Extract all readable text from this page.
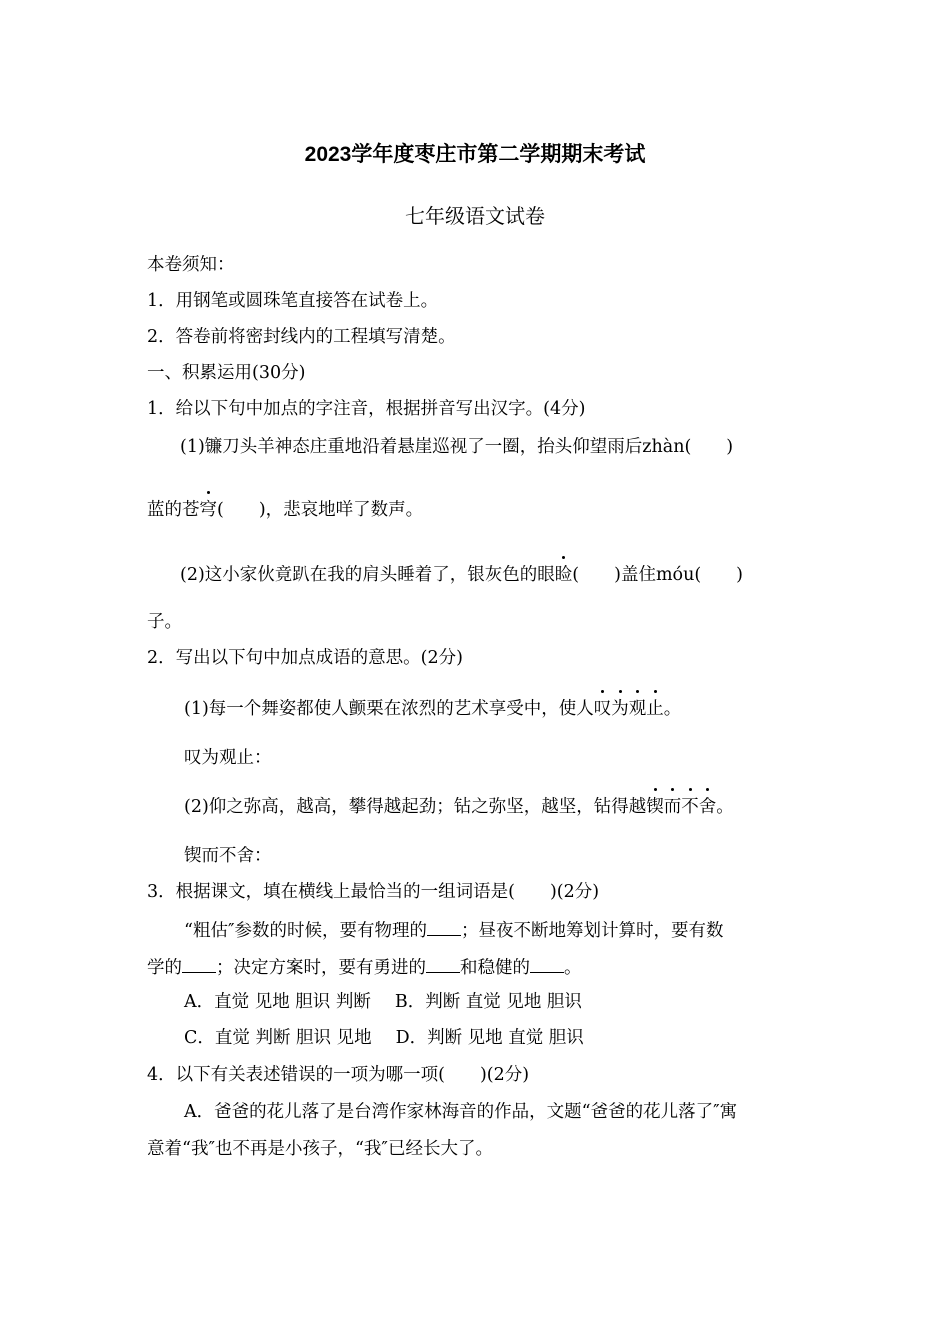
2023学年度枣庄市第二学期期末考试
七年级语文试卷
本卷须知：
1．用钢笔或圆珠笔直接答在试卷上。
2．答卷前将密封线内的工程填写清楚。
一、积累运用(30分)
1．给以下句中加点的字注音，根据拼音写出汉字。(4分)
(1)镰刀头羊神态庄重地沿着悬崖巡视了一圈，抬头仰望雨后zhàn(　　)
蓝的苍穹(　　)，悲哀地咩了数声。
(2)这小家伙竟趴在我的肩头睡着了，银灰色的眼睑(　　)盖住móu(　　)
子。
2．写出以下句中加点成语的意思。(2分)
(1)每一个舞姿都使人颤栗在浓烈的艺术享受中，使人叹为观止。
叹为观止：
(2)仰之弥高，越高，攀得越起劲；钻之弥坚，越坚，钻得越锲而不舍。
锲而不舍：
3．根据课文，填在横线上最恰当的一组词语是(　　)(2分)
“粗估″参数的时候，要有物理的 ；昼夜不断地筹划计算时，要有数
学的 ；决定方案时，要有勇进的 和稳健的 。
A．直觉 见地 胆识 判断 B．判断 直觉 见地 胆识
C．直觉 判断 胆识 见地 D．判断 见地 直觉 胆识
4．以下有关表述错误的一项为哪一项(　　)(2分)
A．爸爸的花儿落了是台湾作家林海音的作品，文题“爸爸的花儿落了″寓
意着“我″也不再是小孩子，“我″已经长大了。
